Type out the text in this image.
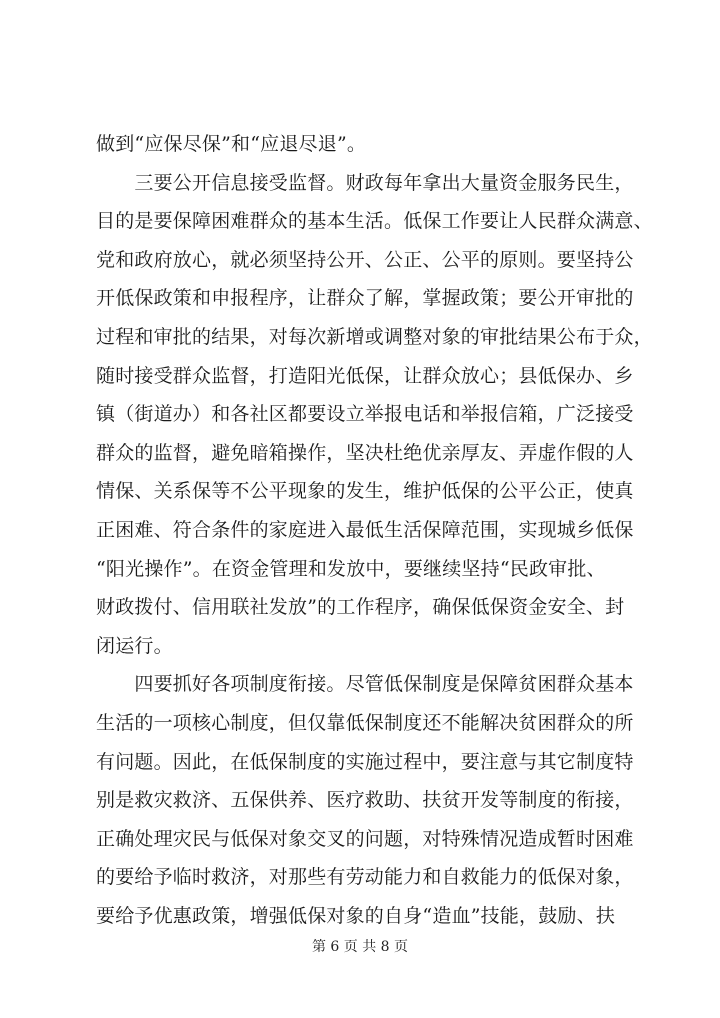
做到“应保尽保”和“应退尽退”。
　　三要公开信息接受监督。财政每年拿出大量资金服务民生，
目的是要保障困难群众的基本生活。低保工作要让人民群众满意、
党和政府放心，就必须坚持公开、公正、公平的原则。要坚持公
开低保政策和申报程序，让群众了解，掌握政策；要公开审批的
过程和审批的结果，对每次新增或调整对象的审批结果公布于众，
随时接受群众监督，打造阳光低保，让群众放心；县低保办、乡
镇（街道办）和各社区都要设立举报电话和举报信箱，广泛接受
群众的监督，避免暗箱操作，坚决杜绝优亲厚友、弄虚作假的人
情保、关系保等不公平现象的发生，维护低保的公平公正，使真
正困难、符合条件的家庭进入最低生活保障范围，实现城乡低保
“阳光操作”。在资金管理和发放中，要继续坚持“民政审批、
财政拨付、信用联社发放”的工作程序，确保低保资金安全、封
闭运行。
　　四要抓好各项制度衔接。尽管低保制度是保障贫困群众基本
生活的一项核心制度，但仅靠低保制度还不能解决贫困群众的所
有问题。因此，在低保制度的实施过程中，要注意与其它制度特
别是救灾救济、五保供养、医疗救助、扶贫开发等制度的衔接，
正确处理灾民与低保对象交叉的问题，对特殊情况造成暂时困难
的要给予临时救济，对那些有劳动能力和自救能力的低保对象，
要给予优惠政策，增强低保对象的自身“造血”技能，鼓励、扶
第 6 页 共 8 页
